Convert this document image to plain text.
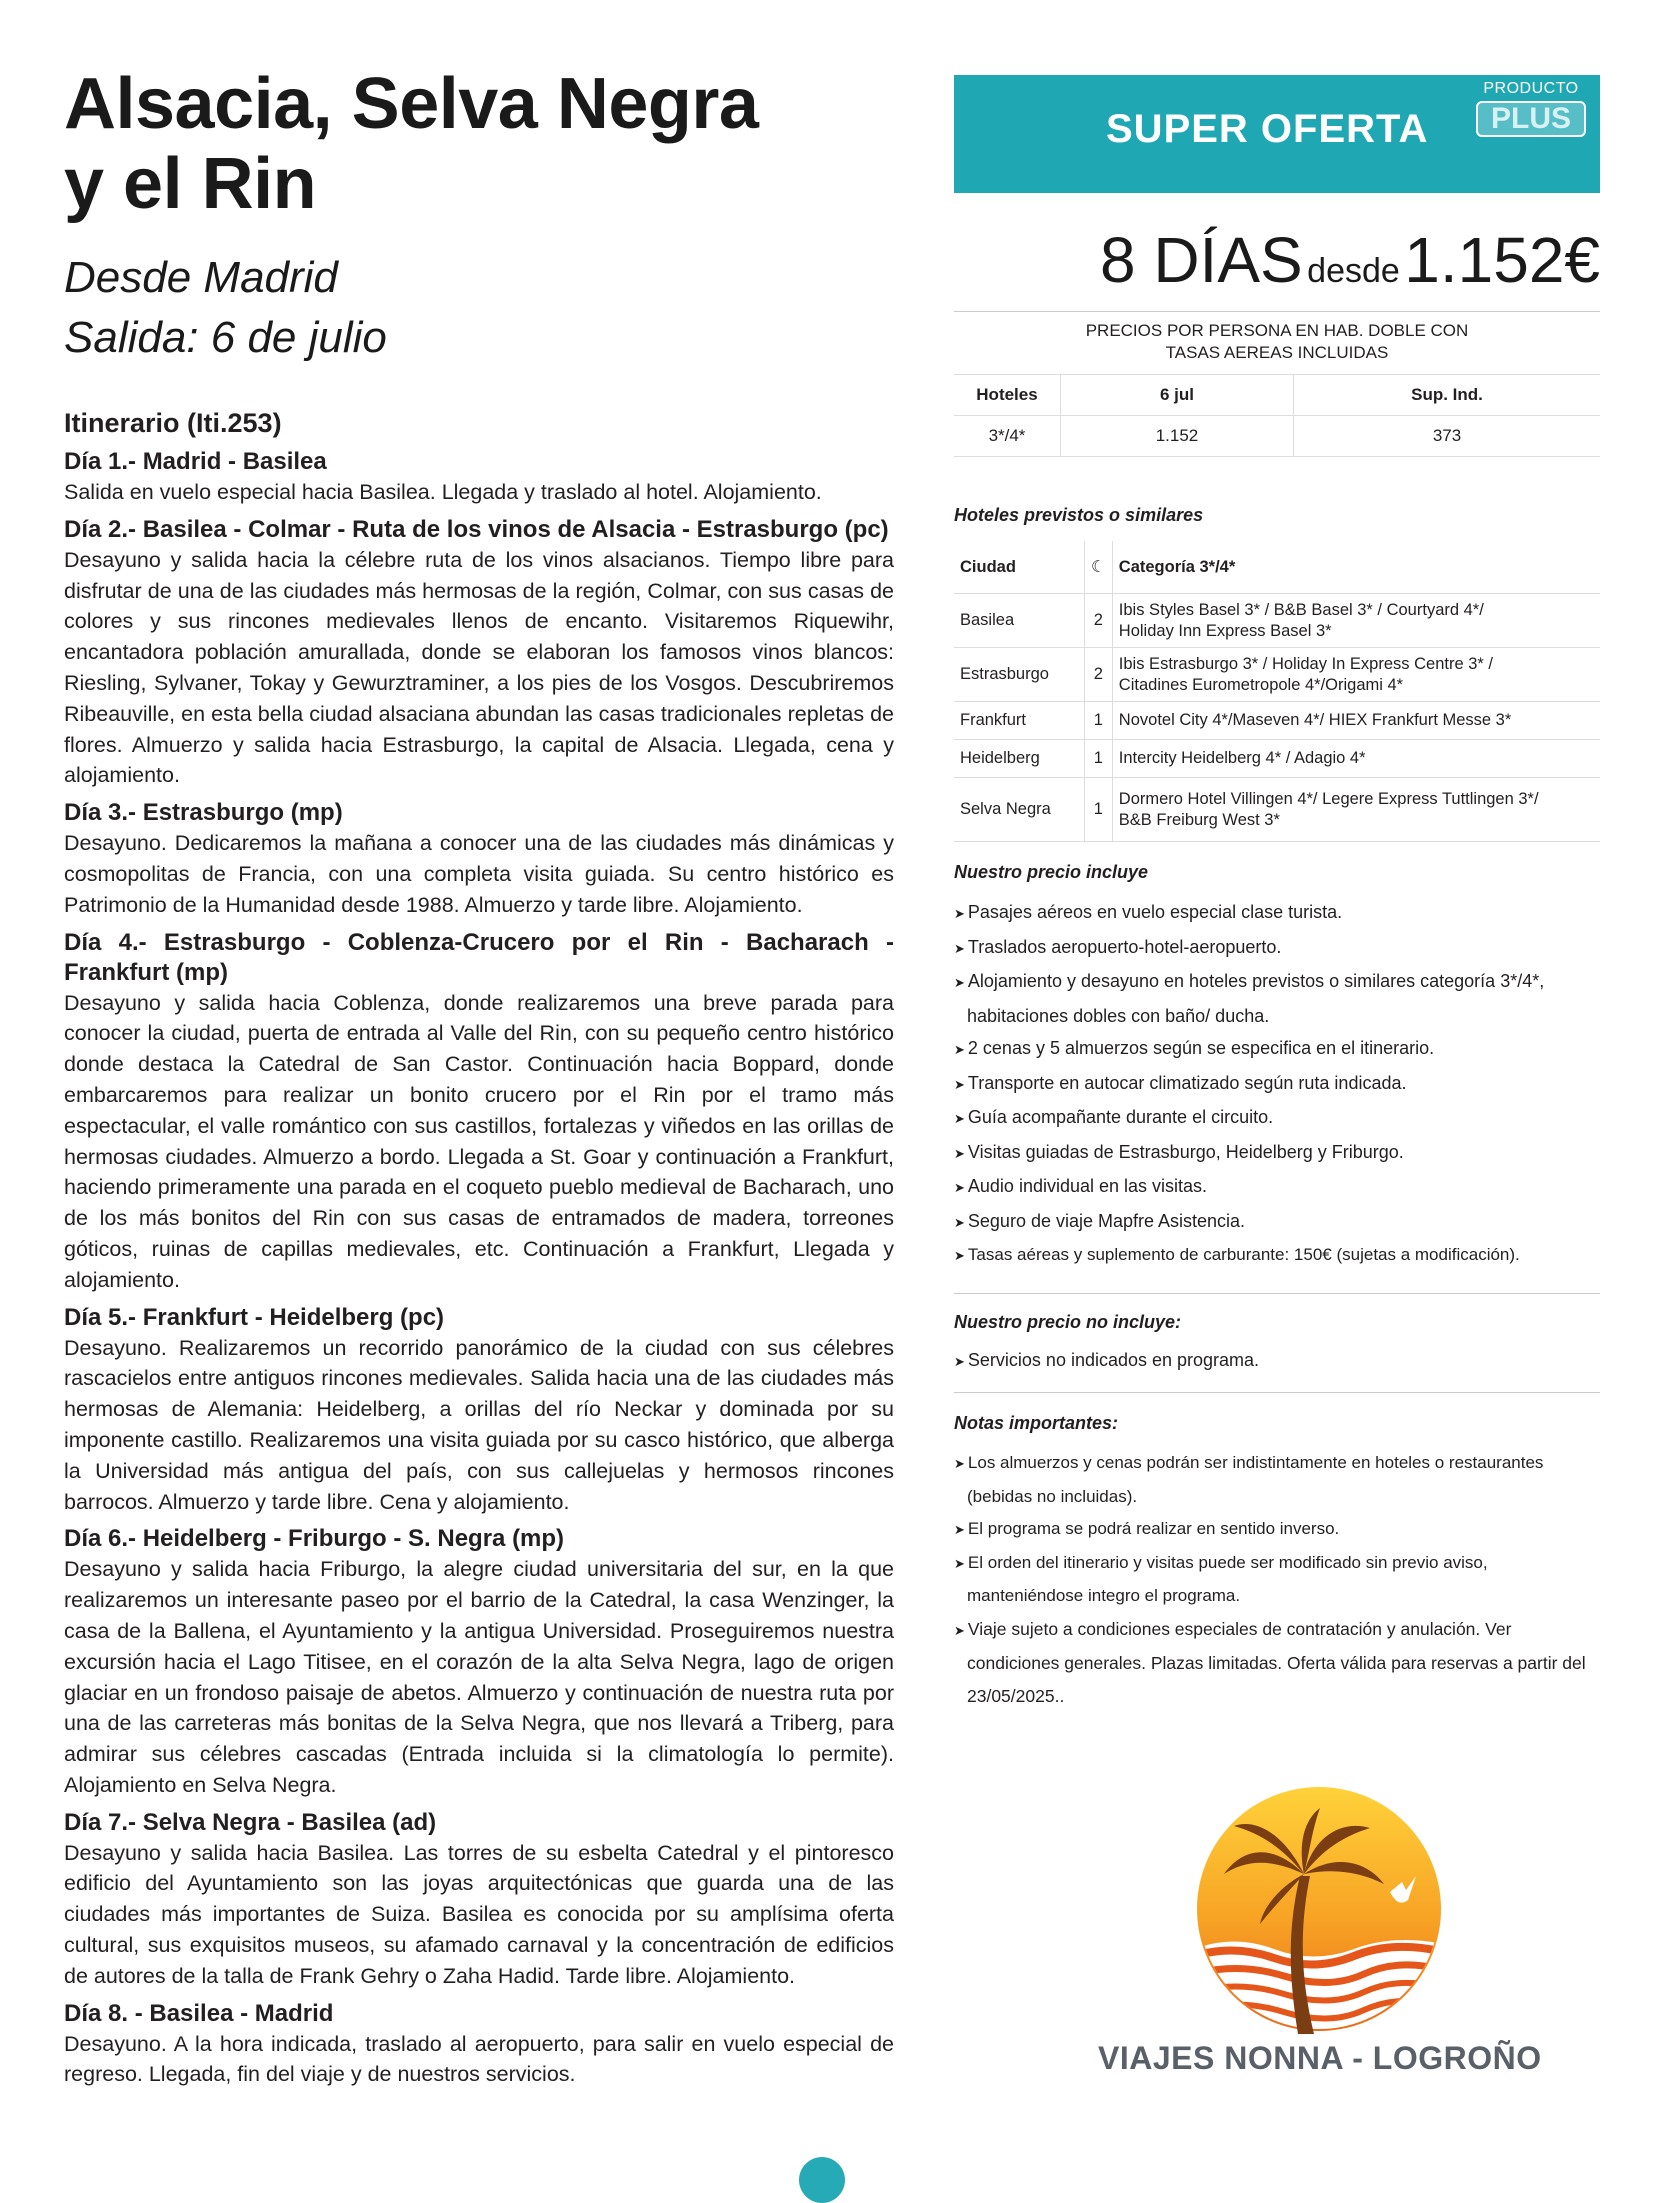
Alsacia, Selva Negra
y el Rin

Desde Madrid

Salida: 6 de julio

Itinerario (Iti.253)
Día 1.- Madrid - Basilea
Salida en vuelo especial hacia Basilea. Llegada y traslado al hotel. Alojamiento.
Día 2.- Basilea - Colmar - Ruta de los vinos de Alsacia - Estrasburgo (pc)
Desayuno y salida hacia la célebre ruta de los vinos alsacianos. Tiempo libre para disfrutar de una de las ciudades más hermosas de la región, Colmar, con sus casas de colores y sus rincones medievales llenos de encanto. Visitaremos Riquewihr, encantadora población amurallada, donde se elaboran los famosos vinos blancos: Riesling, Sylvaner, Tokay y Gewurztraminer, a los pies de los Vosgos. Descubriremos Ribeauville, en esta bella ciudad alsaciana abundan las casas tradicionales repletas de flores. Almuerzo y salida hacia Estrasburgo, la capital de Alsacia. Llegada, cena y alojamiento.
Día 3.- Estrasburgo (mp)
Desayuno. Dedicaremos la mañana a conocer una de las ciudades más dinámicas y cosmopolitas de Francia, con una completa visita guiada. Su centro histórico es Patrimonio de la Humanidad desde 1988. Almuerzo y tarde libre. Alojamiento.
Día 4.- Estrasburgo - Coblenza-Crucero por el Rin - Bacharach - Frankfurt (mp)
Desayuno y salida hacia Coblenza, donde realizaremos una breve parada para conocer la ciudad, puerta de entrada al Valle del Rin, con su pequeño centro histórico donde destaca la Catedral de San Castor. Continuación hacia Boppard, donde embarcaremos para realizar un bonito crucero por el Rin por el tramo más espectacular, el valle romántico con sus castillos, fortalezas y viñedos en las orillas de hermosas ciudades. Almuerzo a bordo. Llegada a St. Goar y continuación a Frankfurt, haciendo primeramente una parada en el coqueto pueblo medieval de Bacharach, uno de los más bonitos del Rin con sus casas de entramados de madera, torreones góticos, ruinas de capillas medievales, etc. Continuación a Frankfurt, Llegada y alojamiento.
Día 5.- Frankfurt - Heidelberg (pc)
Desayuno. Realizaremos un recorrido panorámico de la ciudad con sus célebres rascacielos entre antiguos rincones medievales. Salida hacia una de las ciudades más hermosas de Alemania: Heidelberg, a orillas del río Neckar y dominada por su imponente castillo. Realizaremos una visita guiada por su casco histórico, que alberga la Universidad más antigua del país, con sus callejuelas y hermosos rincones barrocos. Almuerzo y tarde libre. Cena y alojamiento.
Día 6.- Heidelberg - Friburgo - S. Negra (mp)
Desayuno y salida hacia Friburgo, la alegre ciudad universitaria del sur, en la que realizaremos un interesante paseo por el barrio de la Catedral, la casa Wenzinger, la casa de la Ballena, el Ayuntamiento y la antigua Universidad. Proseguiremos nuestra excursión hacia el Lago Titisee, en el corazón de la alta Selva Negra, lago de origen glaciar en un frondoso paisaje de abetos. Almuerzo y continuación de nuestra ruta por una de las carreteras más bonitas de la Selva Negra, que nos llevará a Triberg, para admirar sus célebres cascadas (Entrada incluida si la climatología lo permite). Alojamiento en Selva Negra.
Día 7.- Selva Negra - Basilea (ad)
Desayuno y salida hacia Basilea. Las torres de su esbelta Catedral y el pintoresco edificio del Ayuntamiento son las joyas arquitectónicas que guarda una de las ciudades más importantes de Suiza. Basilea es conocida por su amplísima oferta cultural, sus exquisitos museos, su afamado carnaval y la concentración de edificios de autores de la talla de Frank Gehry o Zaha Hadid. Tarde libre. Alojamiento.
Día 8. - Basilea - Madrid
Desayuno. A la hora indicada, traslado al aeropuerto, para salir en vuelo especial de regreso. Llegada, fin del viaje y de nuestros servicios.
SUPER OFERTA
PRODUCTO
PLUS
8 DÍAS desde 1.152€
PRECIOS POR PERSONA EN HAB. DOBLE CON
TASAS AEREAS INCLUIDAS
Hoteles	6 jul	Sup. Ind.
3*/4*	1.152	373
Hoteles previstos o similares
Ciudad	☾	Categoría 3*/4*
Basilea	2	Ibis Styles Basel 3* / B&B Basel 3* / Courtyard 4*/
Holiday Inn Express Basel 3*
Estrasburgo	2	Ibis Estrasburgo 3* / Holiday In Express Centre 3* /
Citadines Eurometropole 4*/Origami 4*
Frankfurt	1	Novotel City 4*/Maseven 4*/ HIEX Frankfurt Messe 3*
Heidelberg	1	Intercity Heidelberg 4* / Adagio 4*
Selva Negra	1	Dormero Hotel Villingen 4*/ Legere Express Tuttlingen 3*/
B&B Freiburg West 3*
Nuestro precio incluye
➤ Pasajes aéreos en vuelo especial clase turista.
➤ Traslados aeropuerto-hotel-aeropuerto.
➤ Alojamiento y desayuno en hoteles previstos o similares categoría 3*/4*, habitaciones dobles con baño/ ducha.
➤ 2 cenas y 5 almuerzos según se especifica en el itinerario.
➤ Transporte en autocar climatizado según ruta indicada.
➤ Guía acompañante durante el circuito.
➤ Visitas guiadas de Estrasburgo, Heidelberg y Friburgo.
➤ Audio individual en las visitas.
➤ Seguro de viaje Mapfre Asistencia.
➤ Tasas aéreas y suplemento de carburante: 150€ (sujetas a modificación).
Nuestro precio no incluye:
➤ Servicios no indicados en programa.
Notas importantes:
➤ Los almuerzos y cenas podrán ser indistintamente en hoteles o restaurantes (bebidas no incluidas).
➤ El programa se podrá realizar en sentido inverso.
➤ El orden del itinerario y visitas puede ser modificado sin previo aviso, manteniéndose integro el programa.
➤ Viaje sujeto a condiciones especiales de contratación y anulación. Ver condiciones generales. Plazas limitadas. Oferta válida para reservas a partir del 23/05/2025..
VIAJES NONNA - LOGROÑO
